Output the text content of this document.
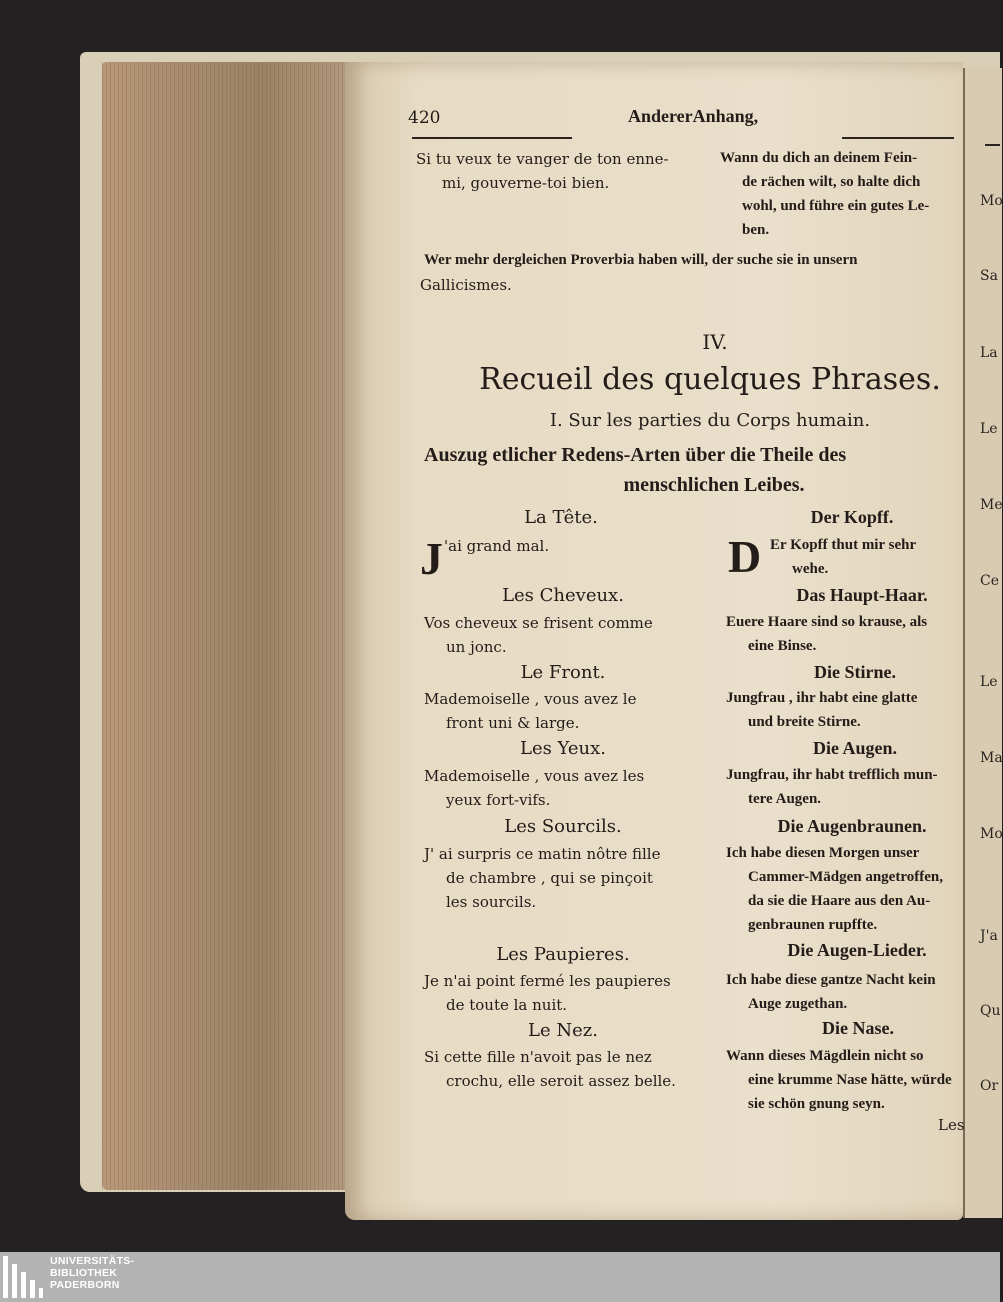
Mo
Sa
La
Le
Me
Ce
Le
Ma
Mo
J'a
Qu
Or
420	AndererAnhang,
Si tu veux te vanger de ton enne-
mi, gouverne-toi bien.
Wann du dich an deinem Fein-
de rächen wilt, so halte dich
wohl, und führe ein gutes Le-
ben.
Wer mehr dergleichen Proverbia haben will, der suche sie in unsern
Gallicismes.
IV.
Recueil des quelques Phrases.
I. Sur les parties du Corps humain.
Auszug etlicher Redens-Arten über die Theile des
menschlichen Leibes.
La Tête.	Der Kopff.
J 'ai grand mal.	D Er Kopff thut mir sehr
wehe.
Les Cheveux.	Das Haupt-Haar.
Vos cheveux se frisent comme
un jonc.
Euere Haare sind so krause, als
eine Binse.
Le Front.	Die Stirne.
Mademoiselle , vous avez le
front uni & large.
Jungfrau , ihr habt eine glatte
und breite Stirne.
Les Yeux.	Die Augen.
Mademoiselle , vous avez les
yeux fort-vifs.
Jungfrau, ihr habt trefflich mun-
tere Augen.
Les Sourcils.	Die Augenbraunen.
J' ai surpris ce matin nôtre fille
de chambre , qui se pinçoit
les sourcils.
Ich habe diesen Morgen unser
Cammer-Mädgen angetroffen,
da sie die Haare aus den Au-
genbraunen rupffte.
Les Paupieres.	Die Augen-Lieder.
Je n'ai point fermé les paupieres
de toute la nuit.
Ich habe diese gantze Nacht kein
Auge zugethan.
Le Nez.	Die Nase.
Si cette fille n'avoit pas le nez
crochu, elle seroit assez belle.
Wann dieses Mägdlein nicht so
eine krumme Nase hätte, würde
sie schön gnung seyn.
Les
UNIVERSITÄTS-
BIBLIOTHEK
PADERBORN
